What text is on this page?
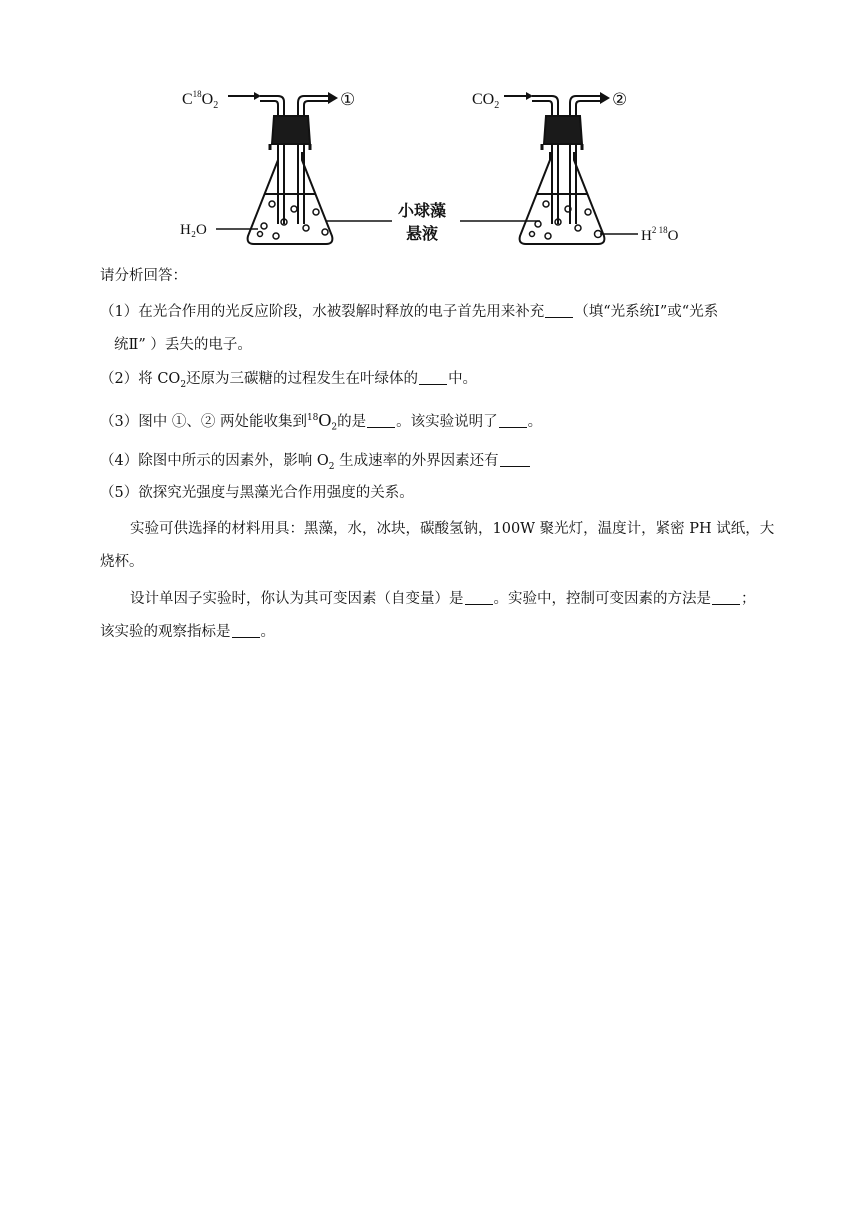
$C^{18}O_2$	①
H₂O
小球藻
悬液
$CO_2$	②
$H^{2 18}O$
请分析回答：
（1）在光合作用的光反应阶段，水被裂解时释放的电子首先用来补充 （填“光系统Ⅰ”或“光系
统Ⅱ” ）丢失的电子。
（2）将 $CO_2$还原为三碳糖的过程发生在叶绿体的 中。
（3）图中 ①、② 两处能收集到$^{18}O_2$的是 。该实验说明了 。
（4）除图中所示的因素外，影响 $O_2$ 生成速率的外界因素还有
（5）欲探究光强度与黑藻光合作用强度的关系。
实验可供选择的材料用具：黑藻，水，冰块，碳酸氢钠，100W 聚光灯，温度计，紧密 PH 试纸，大
烧杯。
设计单因子实验时，你认为其可变因素（自变量）是 。实验中，控制可变因素的方法是 ；
该实验的观察指标是 。
